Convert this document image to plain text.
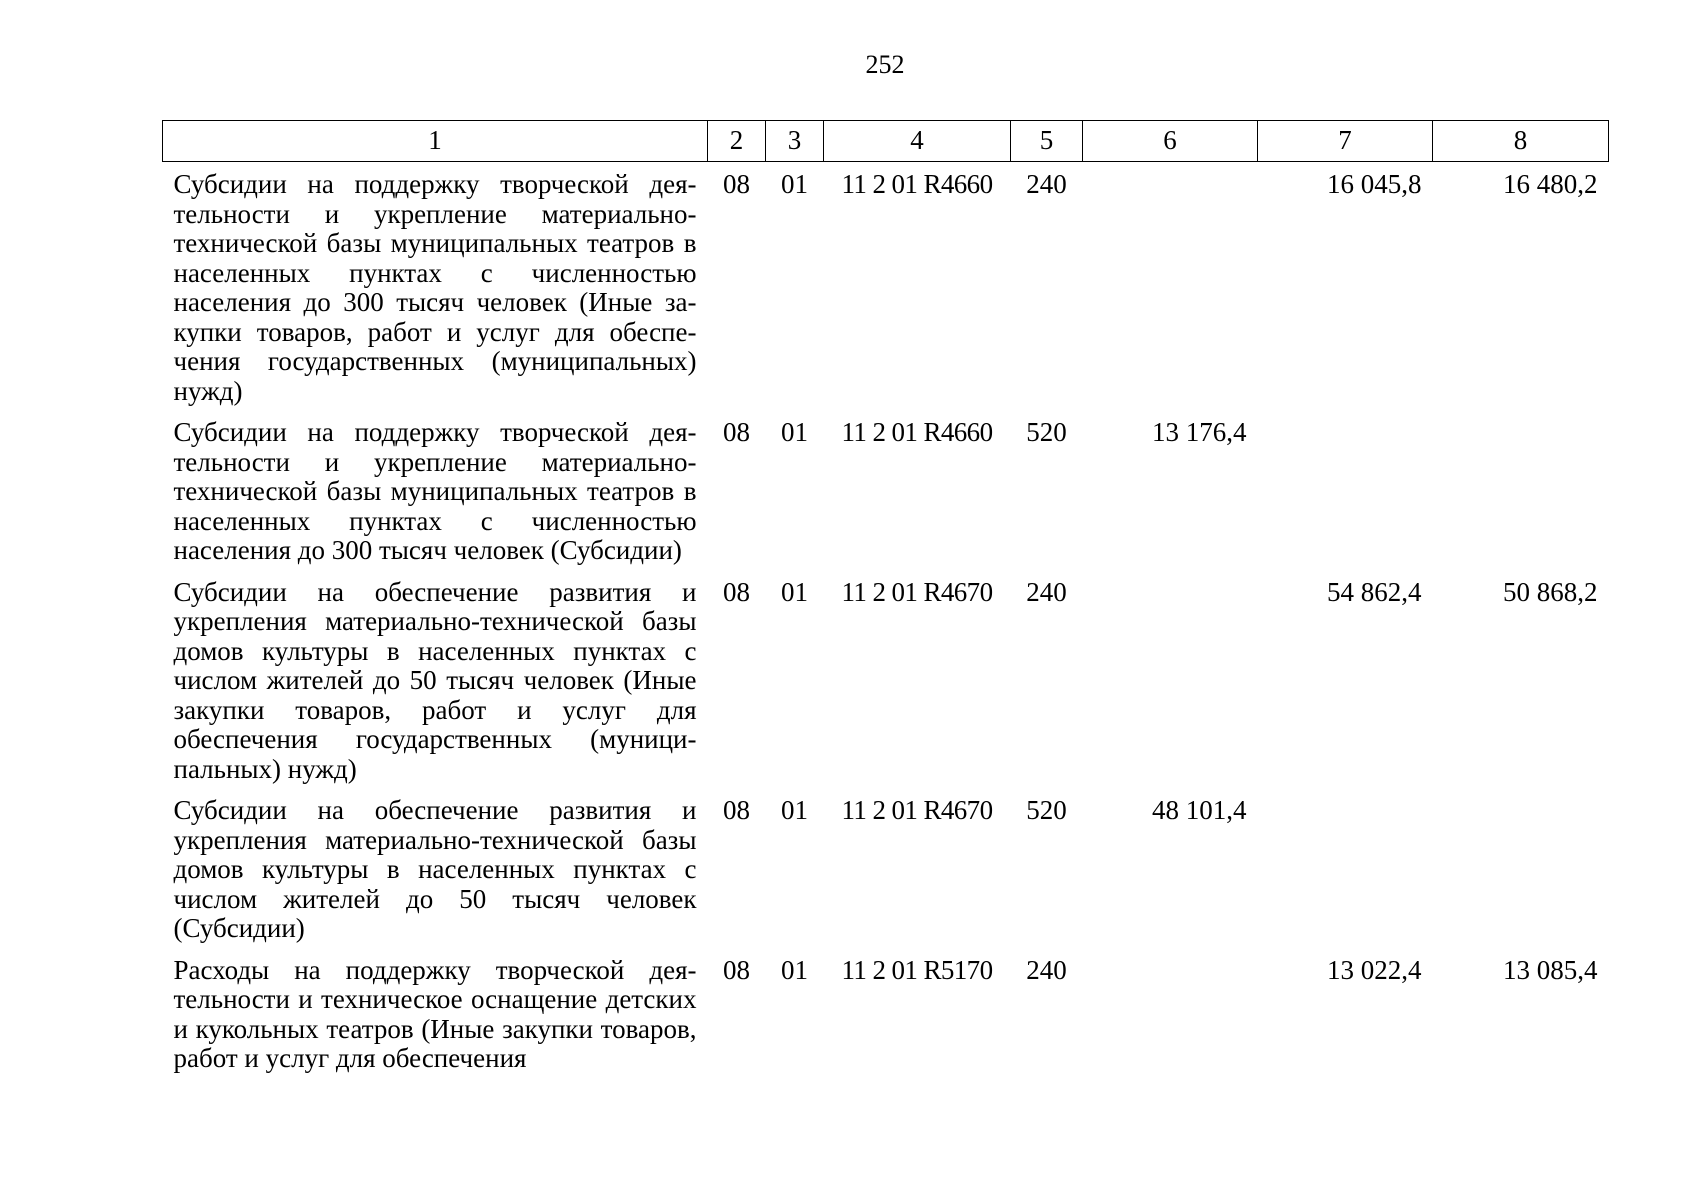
252
1	2	3	4	5	6	7	8
Субсидии на поддержку творческой деятельности и укрепление материально-технической базы муниципальных театров в населенных пунктах с численностью населения до 300 тысяч человек (Иные закупки товаров, работ и услуг для обеспечения государственных (муниципальных) нужд)	08	01	11 2 01 R4660	240		16 045,8	16 480,2
Субсидии на поддержку творческой деятельности и укрепление материально-технической базы муниципальных театров в населенных пунктах с численностью населения до 300 тысяч человек (Субсидии)	08	01	11 2 01 R4660	520	13 176,4		
Субсидии на обеспечение развития и укрепления материально-технической базы домов культуры в населенных пунктах с числом жителей до 50 тысяч человек (Иные закупки товаров, работ и услуг для обеспечения государственных (муниципальных) нужд)	08	01	11 2 01 R4670	240		54 862,4	50 868,2
Субсидии на обеспечение развития и укрепления материально-технической базы домов культуры в населенных пунктах с числом жителей до 50 тысяч человек (Субсидии)	08	01	11 2 01 R4670	520	48 101,4		
Расходы на поддержку творческой деятельности и техническое оснащение детских и кукольных театров (Иные закупки товаров, работ и услуг для обеспечения	08	01	11 2 01 R5170	240		13 022,4	13 085,4
